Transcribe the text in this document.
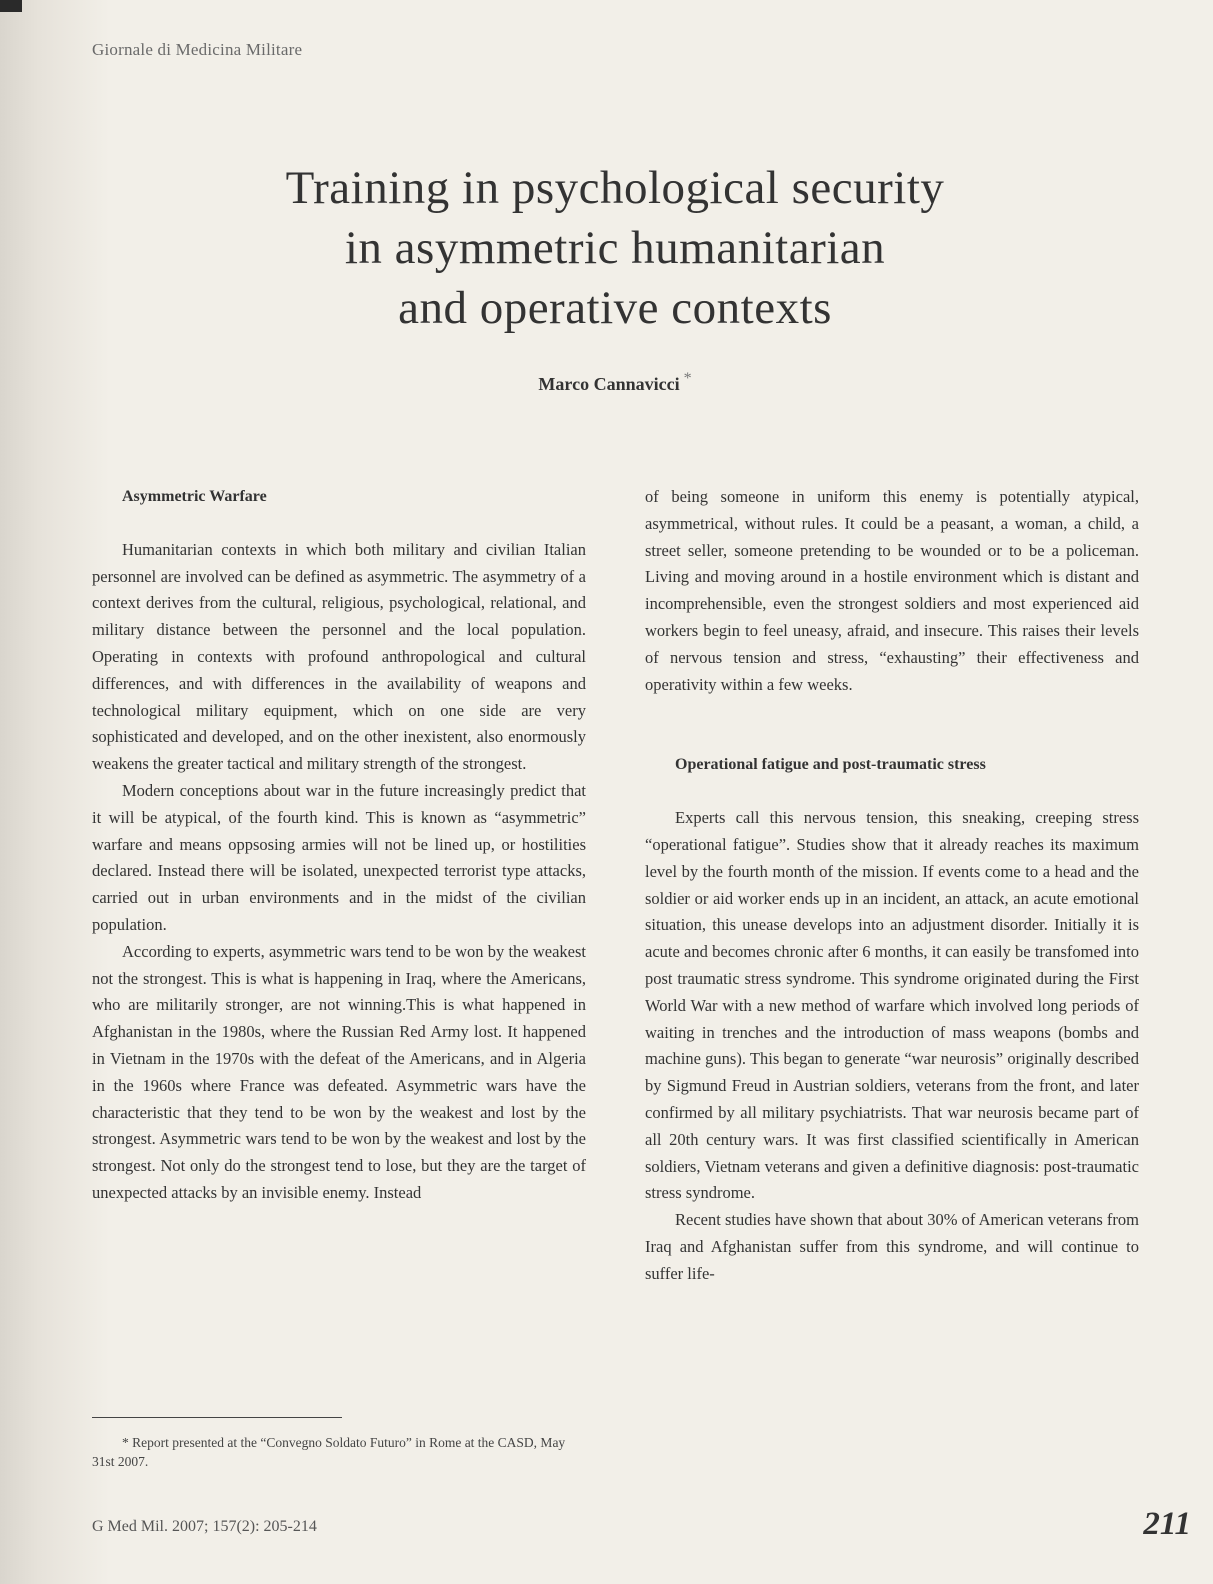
Giornale di Medicina Militare
Training in psychological security
in asymmetric humanitarian
and operative contexts
Marco Cannavicci *

Asymmetric Warfare

Humanitarian contexts in which both military and civilian Italian personnel are involved can be defined as asymmetric. The asymmetry of a context derives from the cultural, religious, psychological, relational, and military distance between the personnel and the local population. Operating in contexts with profound anthropological and cultural differences, and with differences in the availability of weapons and technological military equipment, which on one side are very sophisticated and developed, and on the other inexistent, also enormously weakens the greater tactical and military strength of the strongest.

Modern conceptions about war in the future increasingly predict that it will be atypical, of the fourth kind. This is known as “asymmetric” warfare and means oppsosing armies will not be lined up, or hostilities declared. Instead there will be isolated, unexpected terrorist type attacks, carried out in urban environments and in the midst of the civilian population.

According to experts, asymmetric wars tend to be won by the weakest not the strongest. This is what is happening in Iraq, where the Americans, who are militarily stronger, are not winning.This is what happened in Afghanistan in the 1980s, where the Russian Red Army lost. It happened in Vietnam in the 1970s with the defeat of the Americans, and in Algeria in the 1960s where France was defeated. Asymmetric wars have the characteristic that they tend to be won by the weakest and lost by the strongest. Asymmetric wars tend to be won by the weakest and lost by the strongest. Not only do the strongest tend to lose, but they are the target of unexpected attacks by an invisible enemy. Instead

of being someone in uniform this enemy is potentially atypical, asymmetrical, without rules. It could be a peasant, a woman, a child, a street seller, someone pretending to be wounded or to be a policeman. Living and moving around in a hostile environment which is distant and incomprehensible, even the strongest soldiers and most experienced aid workers begin to feel uneasy, afraid, and insecure. This raises their levels of nervous tension and stress, “exhausting” their effectiveness and operativity within a few weeks.

Operational fatigue and post-traumatic stress

Experts call this nervous tension, this sneaking, creeping stress “operational fatigue”. Studies show that it already reaches its maximum level by the fourth month of the mission. If events come to a head and the soldier or aid worker ends up in an incident, an attack, an acute emotional situation, this unease develops into an adjustment disorder. Initially it is acute and becomes chronic after 6 months, it can easily be transfomed into post traumatic stress syndrome. This syndrome originated during the First World War with a new method of warfare which involved long periods of waiting in trenches and the introduction of mass weapons (bombs and machine guns). This began to generate “war neurosis” originally described by Sigmund Freud in Austrian soldiers, veterans from the front, and later confirmed by all military psychiatrists. That war neurosis became part of all 20th century wars. It was first classified scientifically in American soldiers, Vietnam veterans and given a definitive diagnosis: post-traumatic stress syndrome.

Recent studies have shown that about 30% of American veterans from Iraq and Afghanistan suffer from this syndrome, and will continue to suffer life-

* Report presented at the “Convegno Soldato Futuro” in Rome at the CASD, May 31st 2007.
G Med Mil. 2007; 157(2): 205-214	211
